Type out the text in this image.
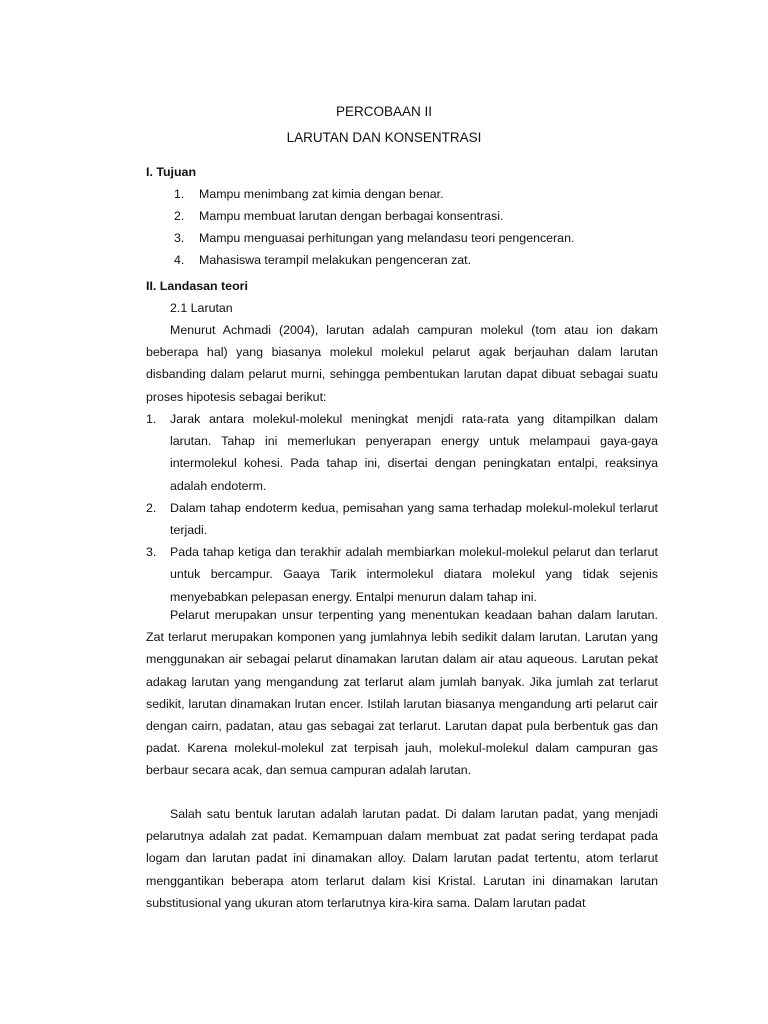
PERCOBAAN II
LARUTAN DAN KONSENTRASI
I. Tujuan
1.	Mampu menimbang zat kimia dengan benar.
2.	Mampu membuat larutan dengan berbagai konsentrasi.
3.	Mampu menguasai perhitungan yang melandasu teori pengenceran.
4.	Mahasiswa terampil melakukan pengenceran zat.
II. Landasan teori
2.1 Larutan

Menurut Achmadi (2004), larutan adalah campuran molekul (tom atau ion dakam beberapa hal) yang biasanya molekul molekul pelarut agak berjauhan dalam larutan disbanding dalam pelarut murni, sehingga pembentukan larutan dapat dibuat sebagai suatu proses hipotesis sebagai berikut:

1. Jarak antara molekul-molekul meningkat menjdi rata-rata yang ditampilkan dalam larutan. Tahap ini memerlukan penyerapan energy untuk melampaui gaya-gaya intermolekul kohesi. Pada tahap ini, disertai dengan peningkatan entalpi, reaksinya adalah endoterm.
2. Dalam tahap endoterm kedua, pemisahan yang sama terhadap molekul-molekul terlarut terjadi.
3. Pada tahap ketiga dan terakhir adalah membiarkan molekul-molekul pelarut dan terlarut untuk bercampur. Gaaya Tarik intermolekul diatara molekul yang tidak sejenis menyebabkan pelepasan energy. Entalpi menurun dalam tahap ini.

Pelarut merupakan unsur terpenting yang menentukan keadaan bahan dalam larutan. Zat terlarut merupakan komponen yang jumlahnya lebih sedikit dalam larutan. Larutan yang menggunakan air sebagai pelarut dinamakan larutan dalam air atau aqueous. Larutan pekat adakag larutan yang mengandung zat terlarut alam jumlah banyak. Jika jumlah zat terlarut sedikit, larutan dinamakan lrutan encer. Istilah larutan biasanya mengandung arti pelarut cair dengan cairn, padatan, atau gas sebagai zat terlarut. Larutan dapat pula berbentuk gas dan padat. Karena molekul-molekul zat terpisah jauh, molekul-molekul dalam campuran gas berbaur secara acak, dan semua campuran adalah larutan.

Salah satu bentuk larutan adalah larutan padat. Di dalam larutan padat, yang menjadi pelarutnya adalah zat padat. Kemampuan dalam membuat zat padat sering terdapat pada logam dan larutan padat ini dinamakan alloy. Dalam larutan padat tertentu, atom terlarut menggantikan beberapa atom terlarut dalam kisi Kristal. Larutan ini dinamakan larutan substitusional yang ukuran atom terlarutnya kira-kira sama. Dalam larutan padat
